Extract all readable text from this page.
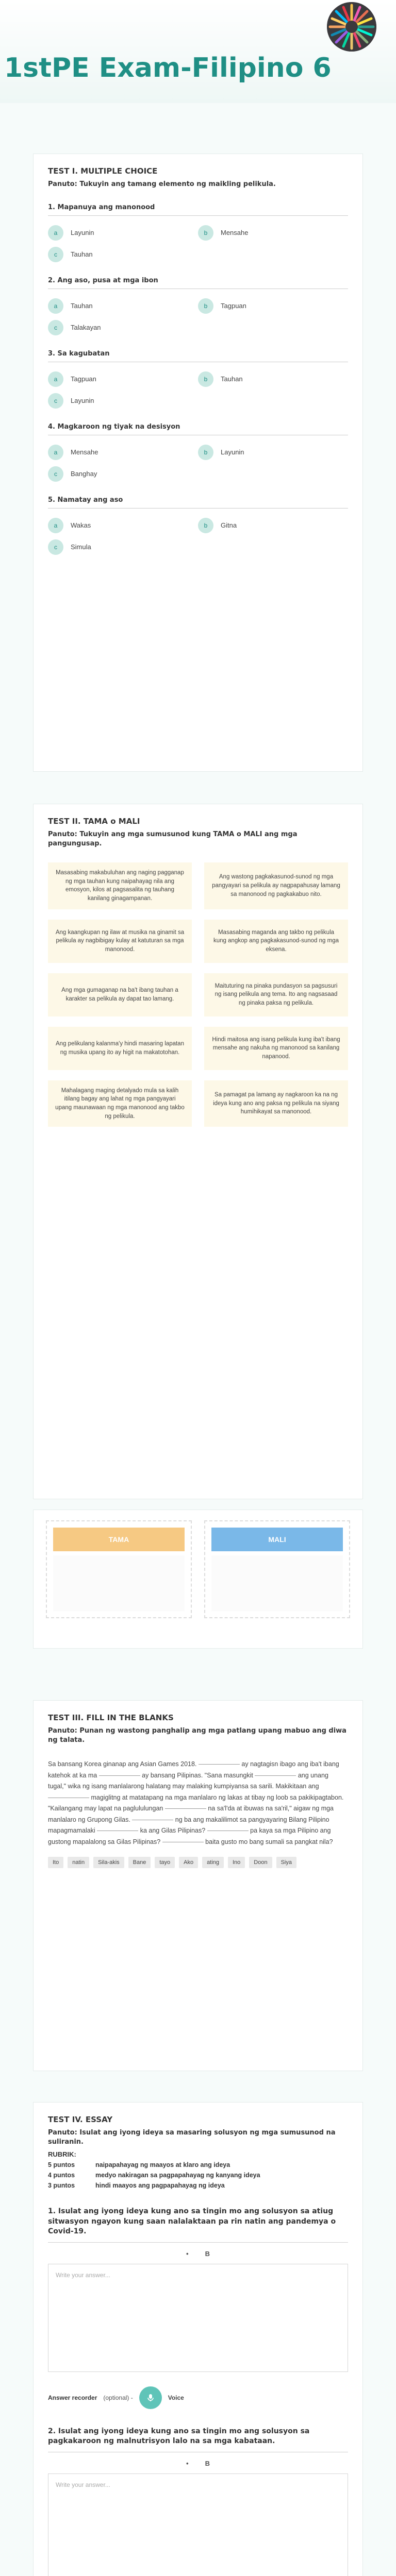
1stPE Exam-Filipino 6
TEST I. MULTIPLE CHOICE
Panuto: Tukuyin ang tamang elemento ng maikling pelikula.
1. Mapanuya ang manonood
a	Layunin	b	Mensahe
c	Tauhan
2. Ang aso, pusa at mga ibon
a	Tauhan	b	Tagpuan
c	Talakayan
3. Sa kagubatan
a	Tagpuan	b	Tauhan
c	Layunin
4. Magkaroon ng tiyak na desisyon
a	Mensahe	b	Layunin
c	Banghay
5. Namatay ang aso
a	Wakas	b	Gitna
c	Simula
TEST II. TAMA o MALI
Panuto: Tukuyin ang mga sumusunod kung TAMA o MALI ang mga pangungusap.
Masasabing makabuluhan ang naging pagganap ng mga tauhan kung naipahayag nila ang emosyon, kilos at pagsasalita ng tauhang kanilang ginagampanan.
Ang wastong pagkakasunod-sunod ng mga pangyayari sa pelikula ay nagpapahusay lamang sa manonood ng pagkakabuo nito.
Ang kaangkupan ng ilaw at musika na ginamit sa pelikula ay nagbibigay kulay at katuturan sa mga manonood.
Masasabing maganda ang takbo ng pelikula kung angkop ang pagkakasunod-sunod ng mga eksena.
Ang mga gumaganap na ba't ibang tauhan a karakter sa pelikula ay dapat tao lamang.
Maituturing na pinaka pundasyon sa pagsusuri ng isang pelikula ang tema. Ito ang nagsasaad ng pinaka paksa ng pelikula.
Ang pelikulang kalanma'y hindi masaring lapatan ng musika upang ito ay higit na makatotohan.
Hindi maitosa ang isang pelikula kung iba't ibang mensahe ang nakuha ng manonood sa kanilang napanood.
Mahalagang maging detalyado mula sa kalih itilang bagay ang lahat ng mga pangyayari upang maunawaan ng mga manonood ang takbo ng pelikula.
Sa pamagat pa lamang ay nagkaroon ka na ng ideya kung ano ang paksa ng pelikula na siyang humihikayat sa manonood.
TAMA	MALI
TEST III. FILL IN THE BLANKS
Panuto: Punan ng wastong panghalip ang mga patlang upang mabuo ang diwa ng talata.
Sa bansang Korea ginanap ang Asian Games 2018.	ay nagtagisn ibago ang iba't ibang katehok at ka ma	ay bansang Pilipinas. "Sana masungkit	ang unang tugal," wika ng isang manlalarong halatang may malaking kumpiyansa sa sarili. Makikitaan ang  magiglitng at matatapang na mga manlalaro ng lakas at tibay ng loob sa pakikipagtabon. "Kailangang may lapat na paglululungan	na sa'l'da at ibuwas na sa'ril," aigaw ng mga manlalaro ng Grupong Gilas.	ng ba ang makalilimot sa pangyayaring Bilang Pilipino mapagmamalaki	ka ang Gilas Pilipinas?	pa kaya sa mga Pilipino ang gustong mapalalong sa Gilas Pilipinas?	baita gusto mo bang sumali sa pangkat nila?
Ito	natin	Sila-akis	Bane	tayo	Ako	ating	Ino	Doon	Siya
TEST IV. ESSAY
Panuto: Isulat ang iyong ideya sa masaring solusyon ng mga sumusunod na suliranin.
RUBRIK:
5 puntos	naipapahayag ng maayos at klaro ang ideya
4 puntos	medyo nakiragan sa pagpapahayag ng kanyang ideya
3 puntos	hindi maayos ang pagpapahayag ng ideya
1. Isulat ang iyong ideya kung ano sa tingin mo ang solusyon sa atiug sitwasyon ngayon kung saan nalalaktaan pa rin natin ang pandemya o Covid-19.
• B
Write your answer...
Answer recorder (optional) -	Voice
2. Isulat ang iyong ideya kung ano sa tingin mo ang solusyon sa pagkakaroon ng malnutrisyon lalo na sa mga kabataan.
• B
Write your answer...
